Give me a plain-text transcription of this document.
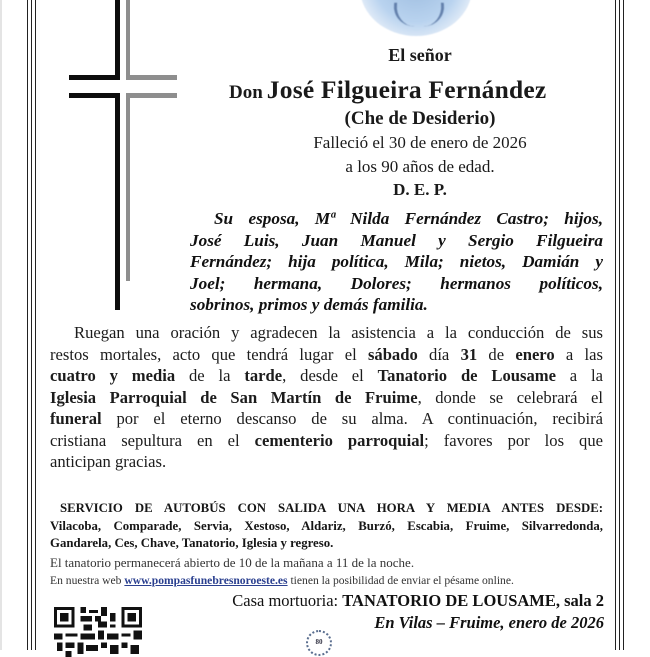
El señor
Don José Filgueira Fernández
(Che de Desiderio)
Falleció el 30 de enero de 2026
a los 90 años de edad.
D. E. P.
Su esposa, Mª Nilda Fernández Castro; hijos,
José Luis, Juan Manuel y Sergio Filgueira
Fernández; hija política, Mila; nietos, Damián y
Joel; hermana, Dolores; hermanos políticos,
sobrinos, primos y demás familia.
Ruegan una oración y agradecen la asistencia a la conducción de sus
restos mortales, acto que tendrá lugar el sábado día 31 de enero a las
cuatro y media de la tarde, desde el Tanatorio de Lousame a la
Iglesia Parroquial de San Martín de Fruime, donde se celebrará el
funeral por el eterno descanso de su alma. A continuación, recibirá
cristiana sepultura en el cementerio parroquial; favores por los que
anticipan gracias.
SERVICIO DE AUTOBÚS CON SALIDA UNA HORA Y MEDIA ANTES DESDE:
Vilacoba, Comparade, Servia, Xestoso, Aldariz, Burzó, Escabia, Fruime, Silvarredonda,
Gandarela, Ces, Chave, Tanatorio, Iglesia y regreso.
El tanatorio permanecerá abierto de 10 de la mañana a 11 de la noche.
En nuestra web www.pompasfunebresnoroeste.es tienen la posibilidad de enviar el pésame online.
Casa mortuoria: TANATORIO DE LOUSAME, sala 2
En Vilas – Fruime, enero de 2026
80
